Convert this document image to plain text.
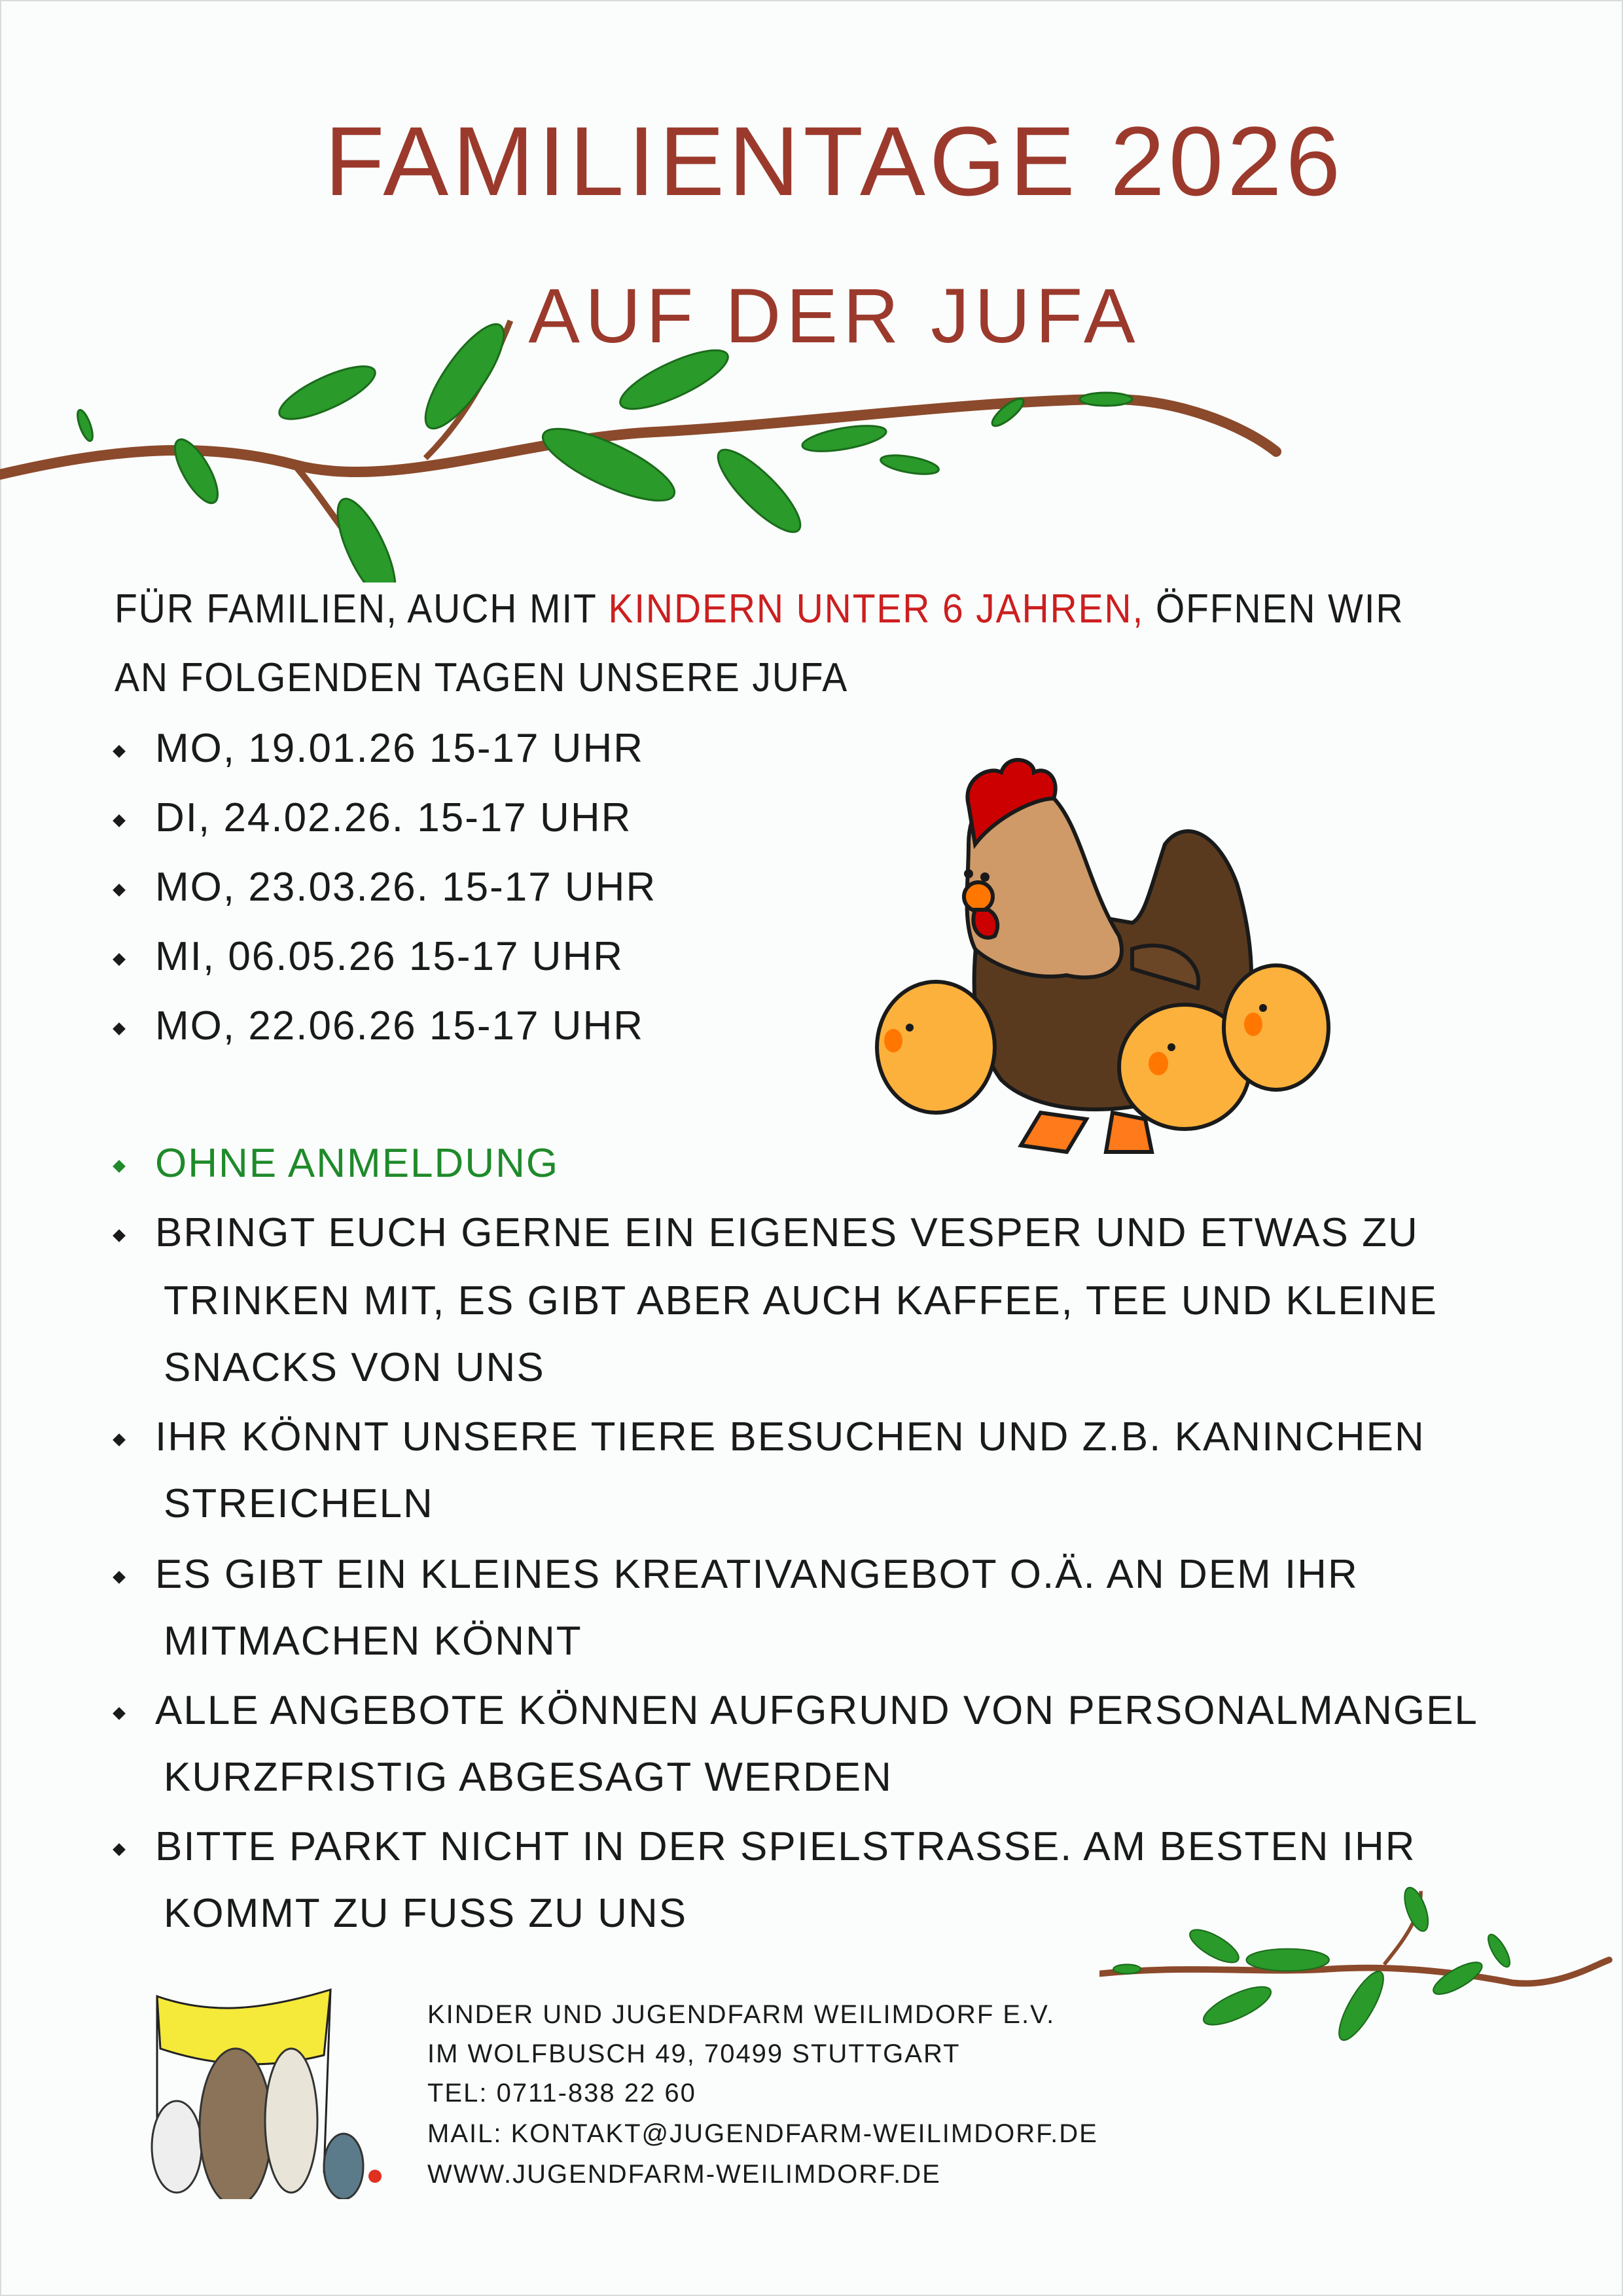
FAMILIENTAGE 2026
AUF DER JUFA
FÜR FAMILIEN, AUCH MIT KINDERN UNTER 6 JAHREN, ÖFFNEN WIR
AN FOLGENDEN TAGEN UNSERE JUFA
MO, 19.01.26 15-17 UHR
DI, 24.02.26. 15-17 UHR
MO, 23.03.26. 15-17 UHR
MI, 06.05.26 15-17 UHR
MO, 22.06.26 15-17 UHR
OHNE ANMELDUNG
BRINGT EUCH GERNE EIN EIGENES VESPER UND ETWAS ZU
TRINKEN MIT, ES GIBT ABER AUCH KAFFEE, TEE UND KLEINE
SNACKS VON UNS
IHR KÖNNT UNSERE TIERE BESUCHEN UND Z.B. KANINCHEN
STREICHELN
ES GIBT EIN KLEINES KREATIVANGEBOT O.Ä. AN DEM IHR
MITMACHEN KÖNNT
ALLE ANGEBOTE KÖNNEN AUFGRUND VON PERSONALMANGEL
KURZFRISTIG ABGESAGT WERDEN
BITTE PARKT NICHT IN DER SPIELSTRASSE. AM BESTEN IHR
KOMMT ZU FUSS ZU UNS
KINDER UND JUGENDFARM WEILIMDORF E.V.
IM WOLFBUSCH 49, 70499 STUTTGART
TEL: 0711-838 22 60
MAIL: KONTAKT@JUGENDFARM-WEILIMDORF.DE
WWW.JUGENDFARM-WEILIMDORF.DE
